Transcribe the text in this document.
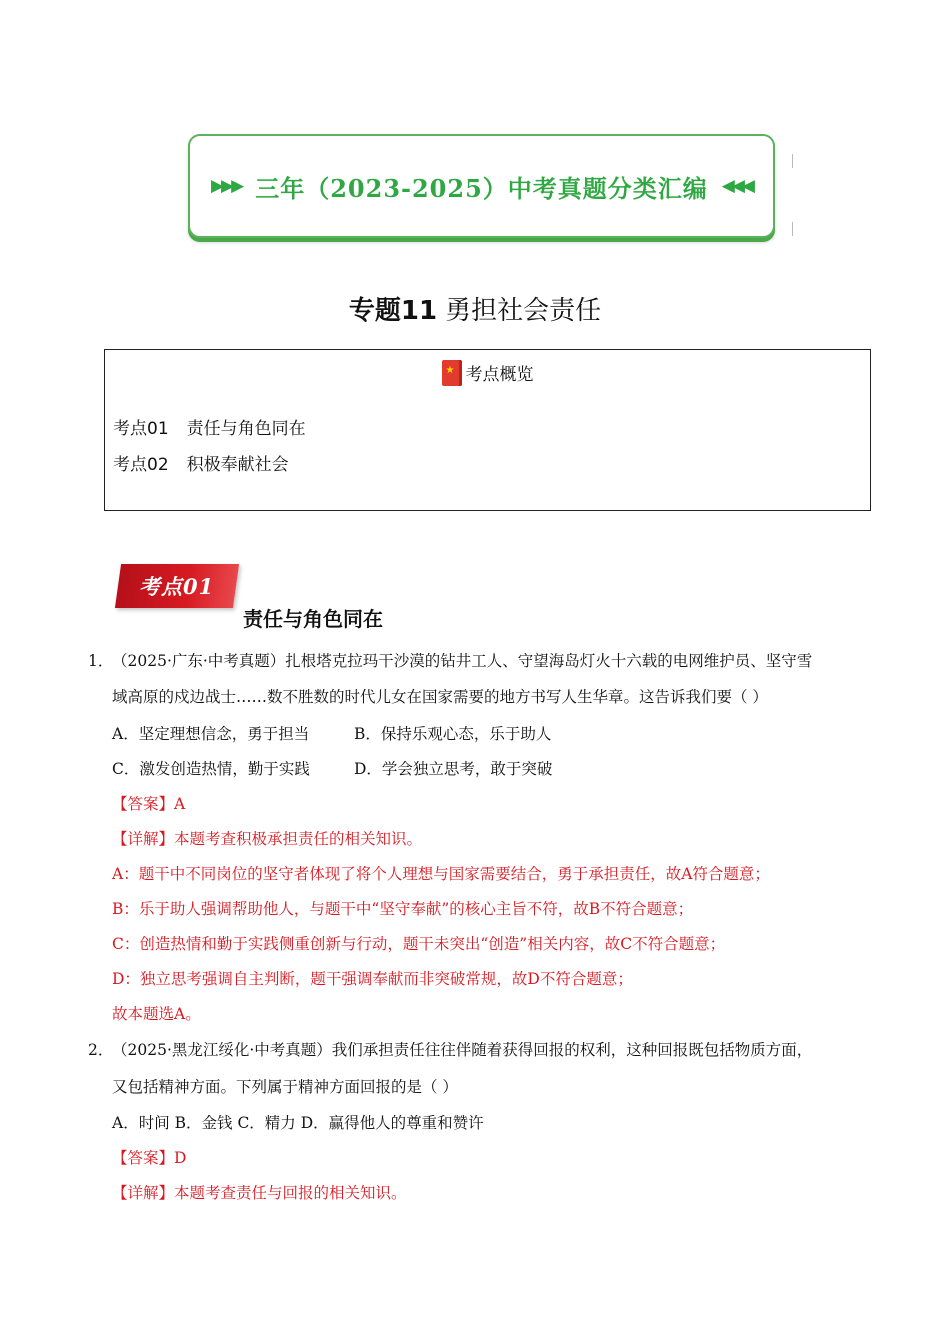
▶▶▶ 三年（2023-2025）中考真题分类汇编 ◀◀◀
专题11 勇担社会责任
★考点概览
考点01 责任与角色同在
考点02 积极奉献社会
考点01
责任与角色同在
1．
（2025·广东·中考真题）扎根塔克拉玛干沙漠的钻井工人、守望海岛灯火十六载的电网维护员、坚守雪
域高原的戍边战士……数不胜数的时代儿女在国家需要的地方书写人生华章。这告诉我们要（ ）
A．坚定理想信念，勇于担当	B．保持乐观心态，乐于助人
C．激发创造热情，勤于实践	D．学会独立思考，敢于突破
【答案】A
【详解】本题考查积极承担责任的相关知识。
A：题干中不同岗位的坚守者体现了将个人理想与国家需要结合，勇于承担责任，故A符合题意；
B：乐于助人强调帮助他人，与题干中“坚守奉献”的核心主旨不符，故B不符合题意；
C：创造热情和勤于实践侧重创新与行动，题干未突出“创造”相关内容，故C不符合题意；
D：独立思考强调自主判断，题干强调奉献而非突破常规，故D不符合题意；
故本题选A。
2．
（2025·黑龙江绥化·中考真题）我们承担责任往往伴随着获得回报的权利，这种回报既包括物质方面，
又包括精神方面。下列属于精神方面回报的是（ ）
A．时间 B．金钱 C．精力 D．赢得他人的尊重和赞许
【答案】D
【详解】本题考查责任与回报的相关知识。
